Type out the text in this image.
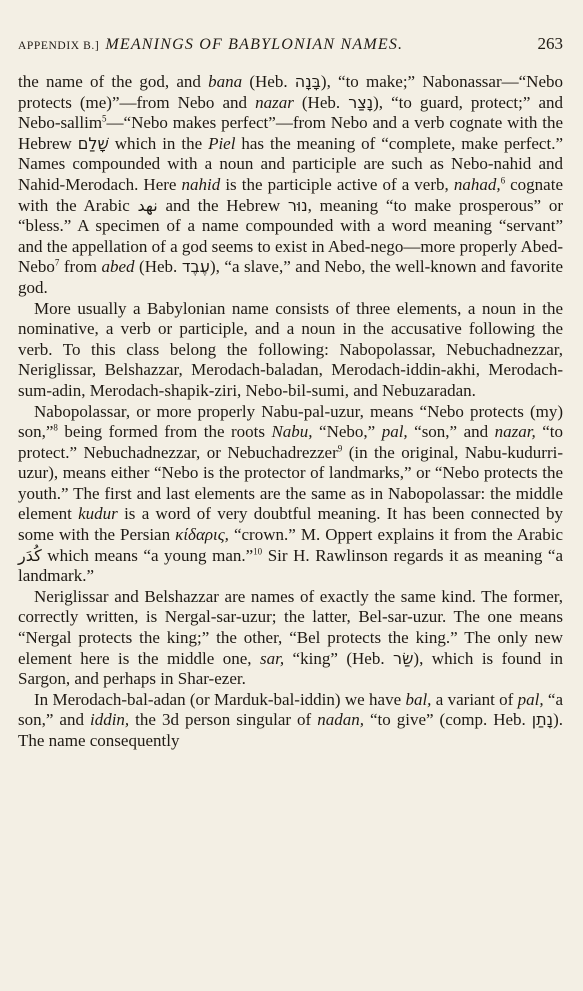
APPENDIX B.] MEANINGS OF BABYLONIAN NAMES.	263

the name of the god, and bana (Heb. בָּנָה), “to make;” Nabonassar—“Nebo protects (me)”—from Nebo and nazar (Heb. נָצַר), “to guard, protect;” and Nebo-sallim$^5$—“Nebo makes perfect”—from Nebo and a verb cognate with the Hebrew שָׁלַם which in the Piel has the meaning of “complete, make perfect.” Names compounded with a noun and participle are such as Nebo-nahid and Nahid-Merodach. Here nahid is the participle active of a verb, nahad,$^6$ cognate with the Arabic نهد and the Hebrew נוּר, meaning “to make prosperous” or “bless.” A specimen of a name compounded with a word meaning “servant” and the appellation of a god seems to exist in Abed-nego—more properly Abed-Nebo$^7$ from abed (Heb. עֶבֶד), “a slave,” and Nebo, the well-known and favorite god.

More usually a Babylonian name consists of three elements, a noun in the nominative, a verb or participle, and a noun in the accusative following the verb. To this class belong the following: Nabopolassar, Nebuchadnezzar, Neriglissar, Belshazzar, Merodach-baladan, Merodach-iddin-akhi, Merodach-sum-adin, Merodach-shapik-ziri, Nebo-bil-sumi, and Nebuzaradan.

Nabopolassar, or more properly Nabu-pal-uzur, means “Nebo protects (my) son,”$^8$ being formed from the roots Nabu, “Nebo,” pal, “son,” and nazar, “to protect.” Nebuchadnezzar, or Nebuchadrezzer$^9$ (in the original, Nabu-kudurri-uzur), means either “Nebo is the protector of landmarks,” or “Nebo protects the youth.” The first and last elements are the same as in Nabopolassar: the middle element kudur is a word of very doubtful meaning. It has been connected by some with the Persian κίδαρις, “crown.” M. Oppert explains it from the Arabic كُدَر which means “a young man.”$^{10}$ Sir H. Rawlinson regards it as meaning “a landmark.”

Neriglissar and Belshazzar are names of exactly the same kind. The former, correctly written, is Nergal-sar-uzur; the latter, Bel-sar-uzur. The one means “Nergal protects the king;” the other, “Bel protects the king.” The only new element here is the middle one, sar, “king” (Heb. שַׂר), which is found in Sargon, and perhaps in Shar-ezer.

In Merodach-bal-adan (or Marduk-bal-iddin) we have bal, a variant of pal, “a son,” and iddin, the 3d person singular of nadan, “to give” (comp. Heb. נָתַן). The name consequently
